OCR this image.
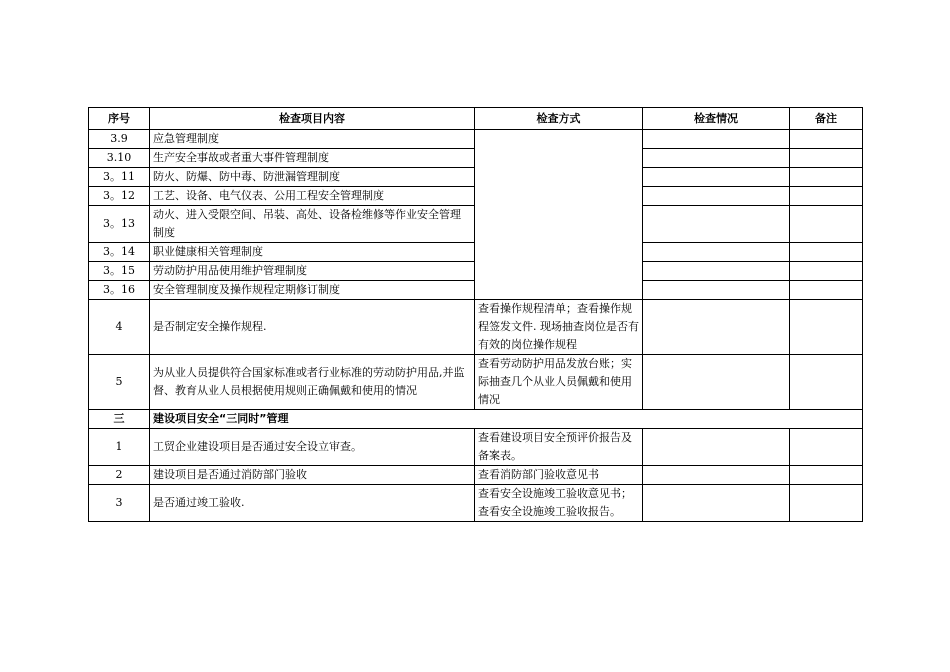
序号	检查项目内容	检查方式	检查情况	备注
3.9	应急管理制度			
3.10	生产安全事故或者重大事件管理制度			
3。11	防火、防爆、防中毒、防泄漏管理制度			
3。12	工艺、设备、电气仪表、公用工程安全管理制度			
3。13	动火、进入受限空间、吊装、高处、设备检维修等作业安全管理制度			
3。14	职业健康相关管理制度			
3。15	劳动防护用品使用维护管理制度			
3。16	安全管理制度及操作规程定期修订制度			
4	是否制定安全操作规程.	查看操作规程清单；查看操作规程签发文件. 现场抽查岗位是否有有效的岗位操作规程		
5	为从业人员提供符合国家标准或者行业标准的劳动防护用品,并监督、教育从业人员根据使用规则正确佩戴和使用的情况	查看劳动防护用品发放台账；实际抽查几个从业人员佩戴和使用情况		
三	建设项目安全“三同时”管理			
1	工贸企业建设项目是否通过安全设立审查。	查看建设项目安全预评价报告及备案表。		
2	建设项目是否通过消防部门验收	查看消防部门验收意见书		
3	是否通过竣工验收.	查看安全设施竣工验收意见书；查看安全设施竣工验收报告。		
